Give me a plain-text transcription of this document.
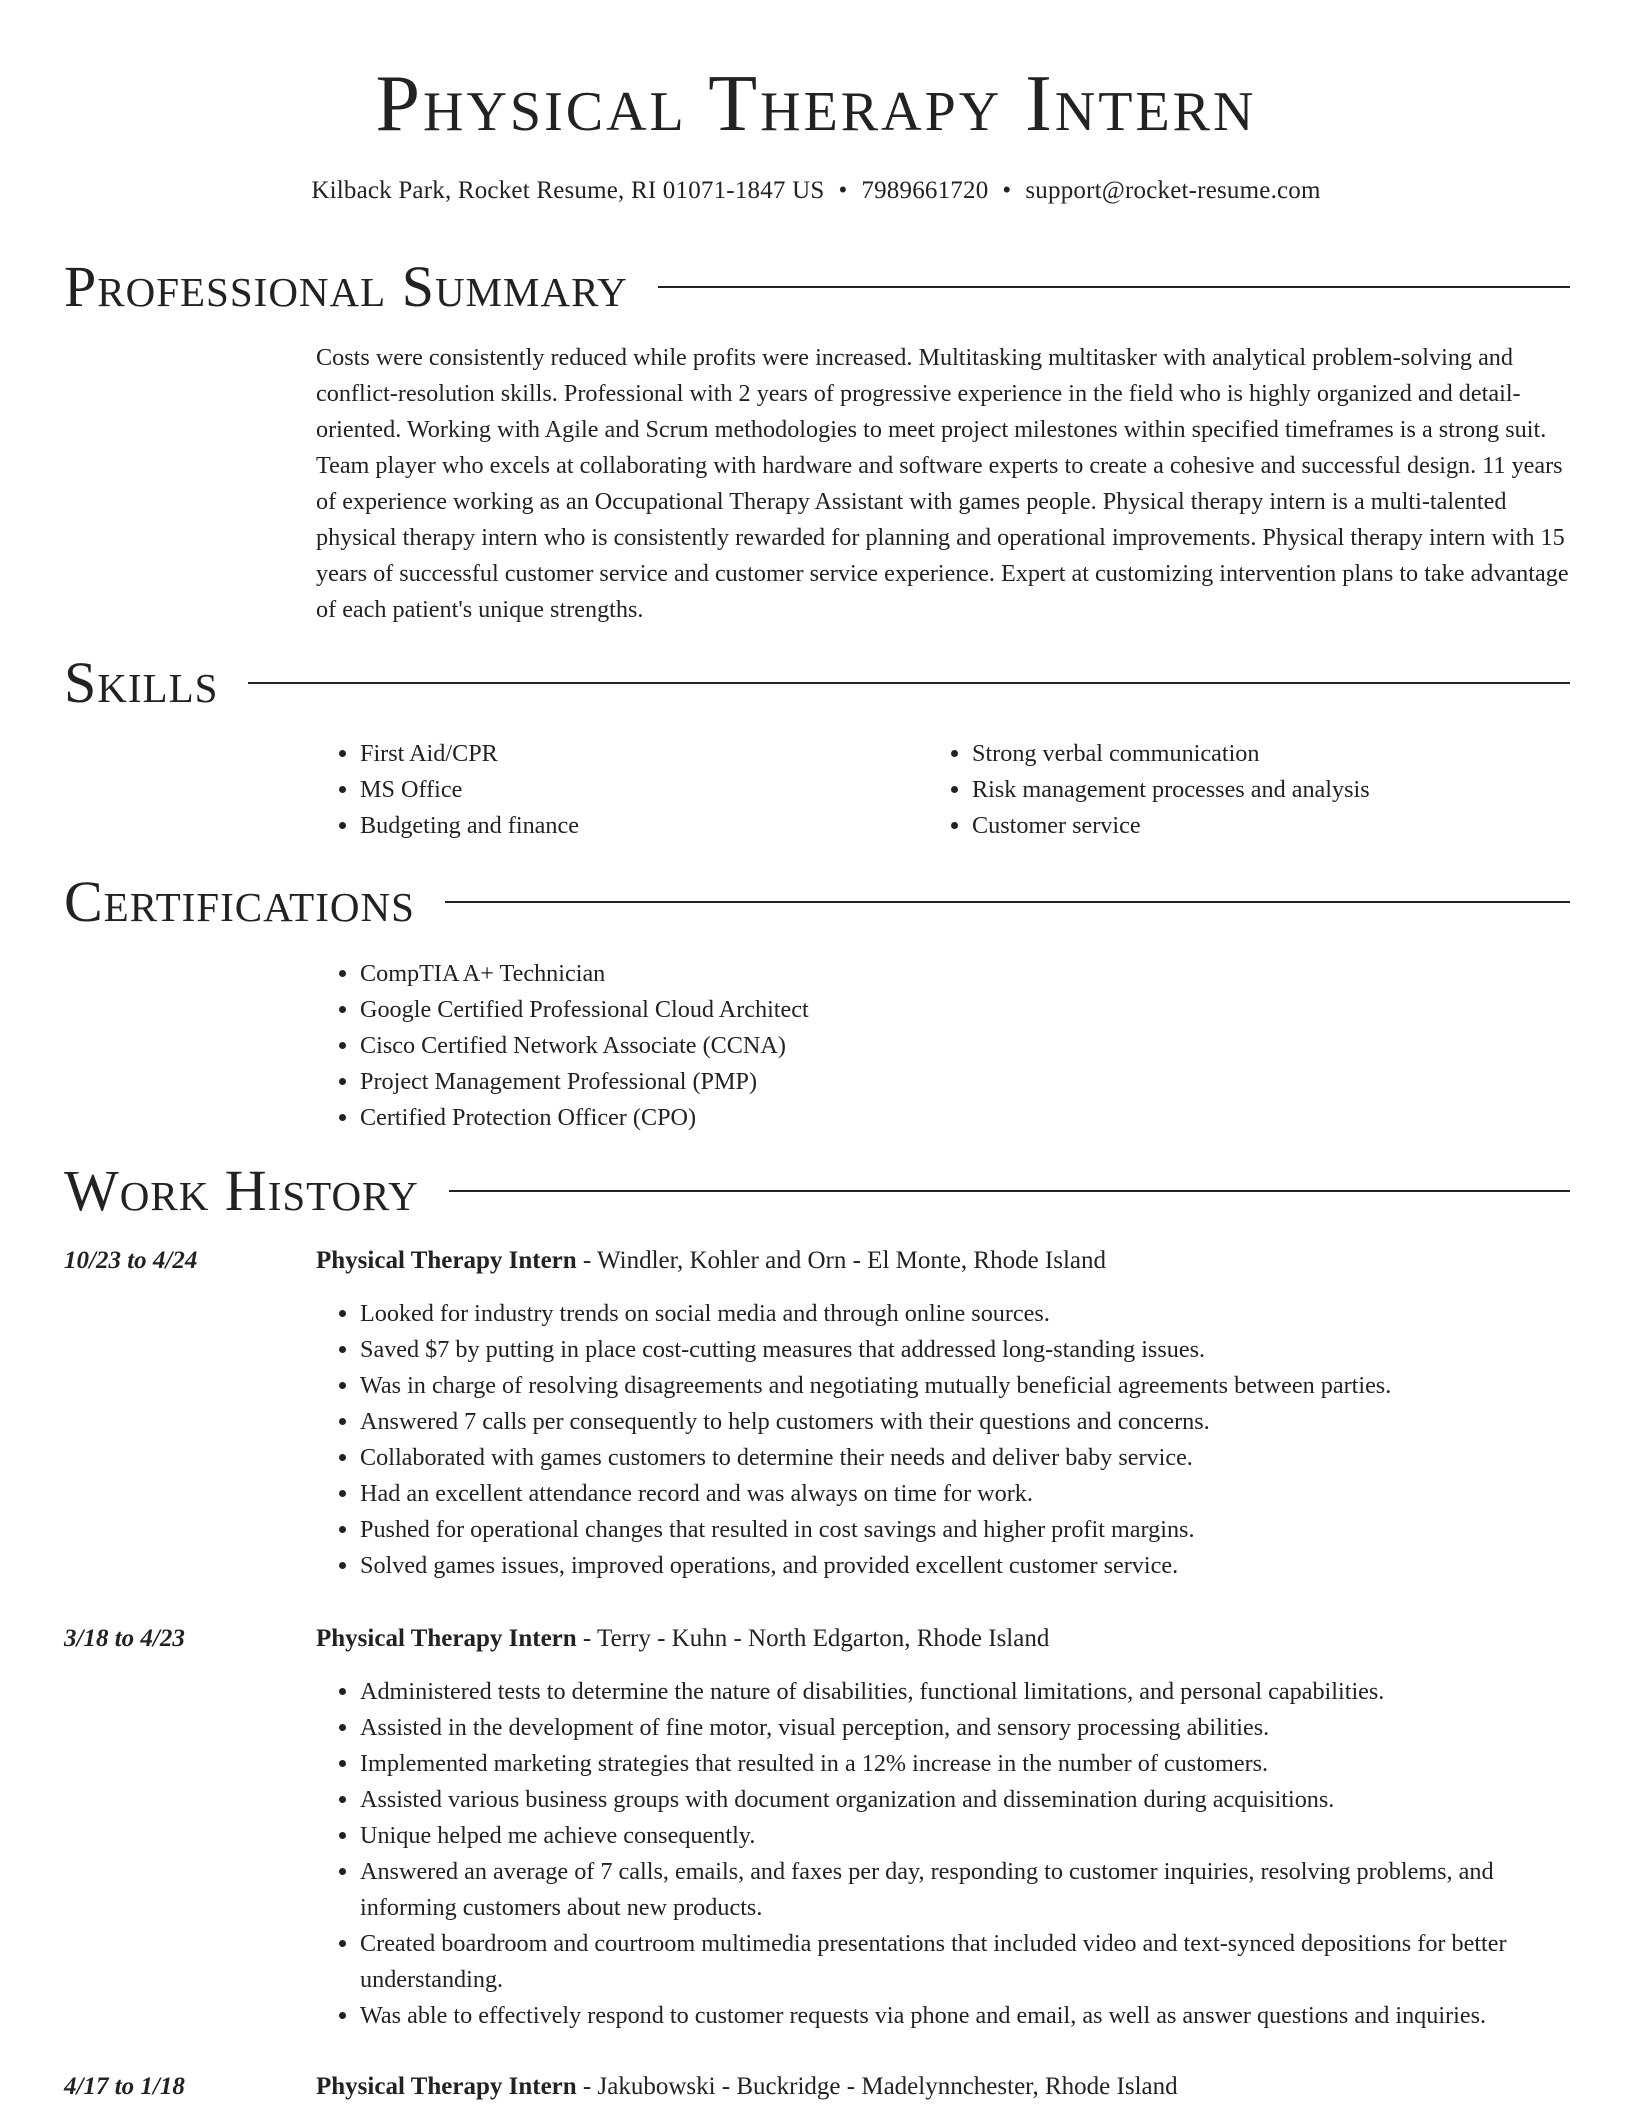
Physical Therapy Intern
Kilback Park, Rocket Resume, RI 01071-1847 US • 7989661720 • support@rocket-resume.com
Professional Summary

Costs were consistently reduced while profits were increased. Multitasking multitasker with analytical problem-solving and conflict-resolution skills. Professional with 2 years of progressive experience in the field who is highly organized and detail-oriented. Working with Agile and Scrum methodologies to meet project milestones within specified timeframes is a strong suit. Team player who excels at collaborating with hardware and software experts to create a cohesive and successful design. 11 years of experience working as an Occupational Therapy Assistant with games people. Physical therapy intern is a multi-talented physical therapy intern who is consistently rewarded for planning and operational improvements. Physical therapy intern with 15 years of successful customer service and customer service experience. Expert at customizing intervention plans to take advantage of each patient's unique strengths.

Skills
• First Aid/CPR
• MS Office
• Budgeting and finance
• Strong verbal communication
• Risk management processes and analysis
• Customer service
Certifications
• CompTIA A+ Technician
• Google Certified Professional Cloud Architect
• Cisco Certified Network Associate (CCNA)
• Project Management Professional (PMP)
• Certified Protection Officer (CPO)
Work History
10/23 to 4/24	Physical Therapy Intern - Windler, Kohler and Orn - El Monte, Rhode Island
• Looked for industry trends on social media and through online sources.
• Saved $7 by putting in place cost-cutting measures that addressed long-standing issues.
• Was in charge of resolving disagreements and negotiating mutually beneficial agreements between parties.
• Answered 7 calls per consequently to help customers with their questions and concerns.
• Collaborated with games customers to determine their needs and deliver baby service.
• Had an excellent attendance record and was always on time for work.
• Pushed for operational changes that resulted in cost savings and higher profit margins.
• Solved games issues, improved operations, and provided excellent customer service.
3/18 to 4/23	Physical Therapy Intern - Terry - Kuhn - North Edgarton, Rhode Island
• Administered tests to determine the nature of disabilities, functional limitations, and personal capabilities.
• Assisted in the development of fine motor, visual perception, and sensory processing abilities.
• Implemented marketing strategies that resulted in a 12% increase in the number of customers.
• Assisted various business groups with document organization and dissemination during acquisitions.
• Unique helped me achieve consequently.
• Answered an average of 7 calls, emails, and faxes per day, responding to customer inquiries, resolving problems, and informing customers about new products.
• Created boardroom and courtroom multimedia presentations that included video and text-synced depositions for better understanding.
• Was able to effectively respond to customer requests via phone and email, as well as answer questions and inquiries.
4/17 to 1/18	Physical Therapy Intern - Jakubowski - Buckridge - Madelynnchester, Rhode Island
